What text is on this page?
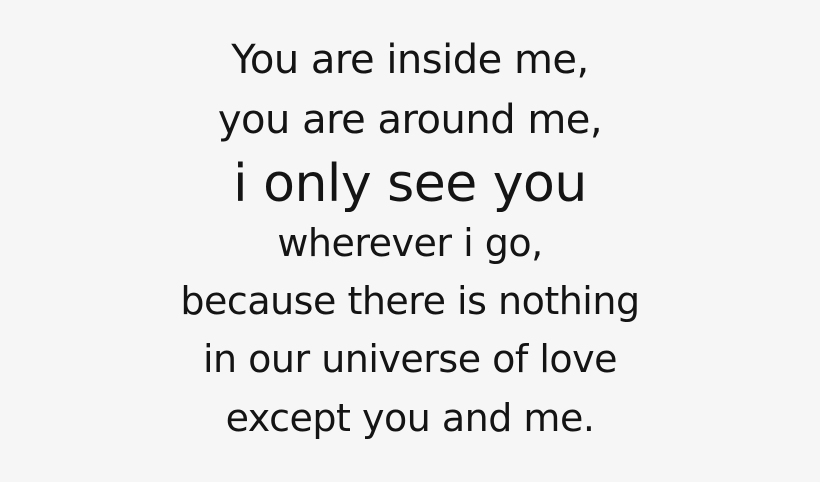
You are inside me,
you are around me,
i only see you
wherever i go,
because there is nothing
in our universe of love
except you and me.
